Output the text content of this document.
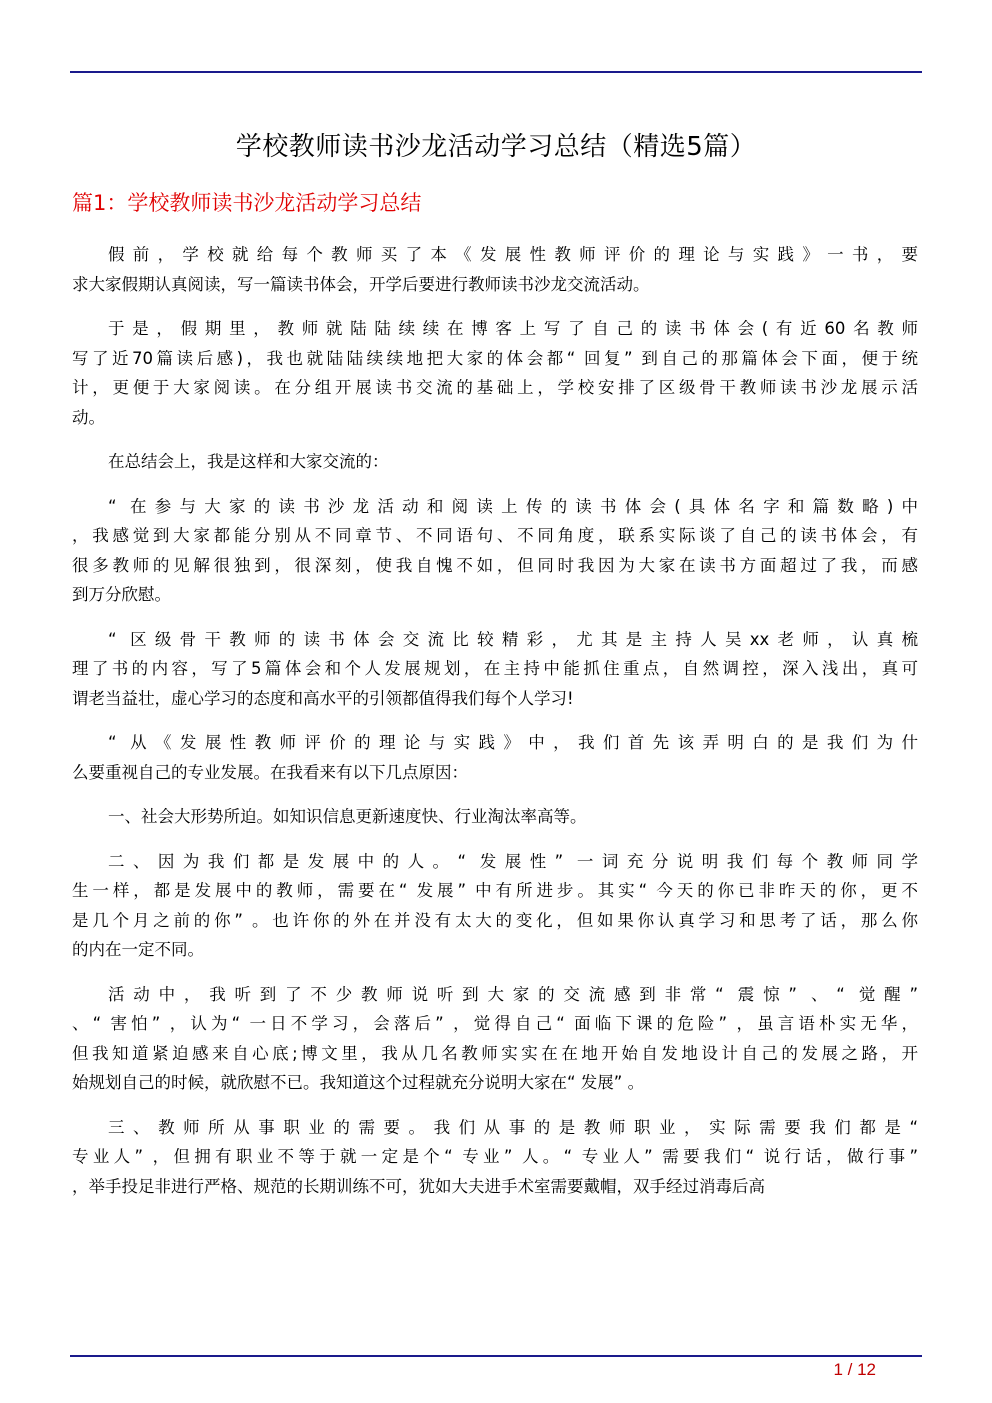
学校教师读书沙龙活动学习总结（精选5篇）
篇1：学校教师读书沙龙活动学习总结
假前，学校就给每个教师买了本《发展性教师评价的理论与实践》一书，要
求大家假期认真阅读，写一篇读书体会，开学后要进行教师读书沙龙交流活动。
于是，假期里，教师就陆陆续续在博客上写了自己的读书体会(有近60名教师
写了近70篇读后感)，我也就陆陆续续地把大家的体会都“ 回复” 到自己的那篇体会下面，便于统
计，更便于大家阅读。在分组开展读书交流的基础上，学校安排了区级骨干教师读书沙龙展示活
动。
在总结会上，我是这样和大家交流的：
“ 在参与大家的读书沙龙活动和阅读上传的读书体会(具体名字和篇数略)中
，我感觉到大家都能分别从不同章节、不同语句、不同角度，联系实际谈了自己的读书体会，有
很多教师的见解很独到，很深刻，使我自愧不如，但同时我因为大家在读书方面超过了我，而感
到万分欣慰。
“ 区级骨干教师的读书体会交流比较精彩，尤其是主持人吴xx老师，认真梳
理了书的内容，写了5篇体会和个人发展规划，在主持中能抓住重点，自然调控，深入浅出，真可
谓老当益壮，虚心学习的态度和高水平的引领都值得我们每个人学习!
“ 从《发展性教师评价的理论与实践》中，我们首先该弄明白的是我们为什
么要重视自己的专业发展。在我看来有以下几点原因：
一、社会大形势所迫。如知识信息更新速度快、行业淘汰率高等。
二、因为我们都是发展中的人。“ 发展性” 一词充分说明我们每个教师同学
生一样，都是发展中的教师，需要在“ 发展” 中有所进步。其实“ 今天的你已非昨天的你，更不
是几个月之前的你” 。也许你的外在并没有太大的变化，但如果你认真学习和思考了话，那么你
的内在一定不同。
活动中，我听到了不少教师说听到大家的交流感到非常“ 震惊” 、“ 觉醒”
、“ 害怕” ，认为“ 一日不学习，会落后” ，觉得自己“ 面临下课的危险” ，虽言语朴实无华，
但我知道紧迫感来自心底;博文里，我从几名教师实实在在地开始自发地设计自己的发展之路，开
始规划自己的时候，就欣慰不已。我知道这个过程就充分说明大家在“ 发展” 。
三、教师所从事职业的需要。我们从事的是教师职业，实际需要我们都是“
专业人” ，但拥有职业不等于就一定是个“ 专业” 人。“ 专业人” 需要我们“ 说行话，做行事”
，举手投足非进行严格、规范的长期训练不可，犹如大夫进手术室需要戴帽，双手经过消毒后高
1 / 12
